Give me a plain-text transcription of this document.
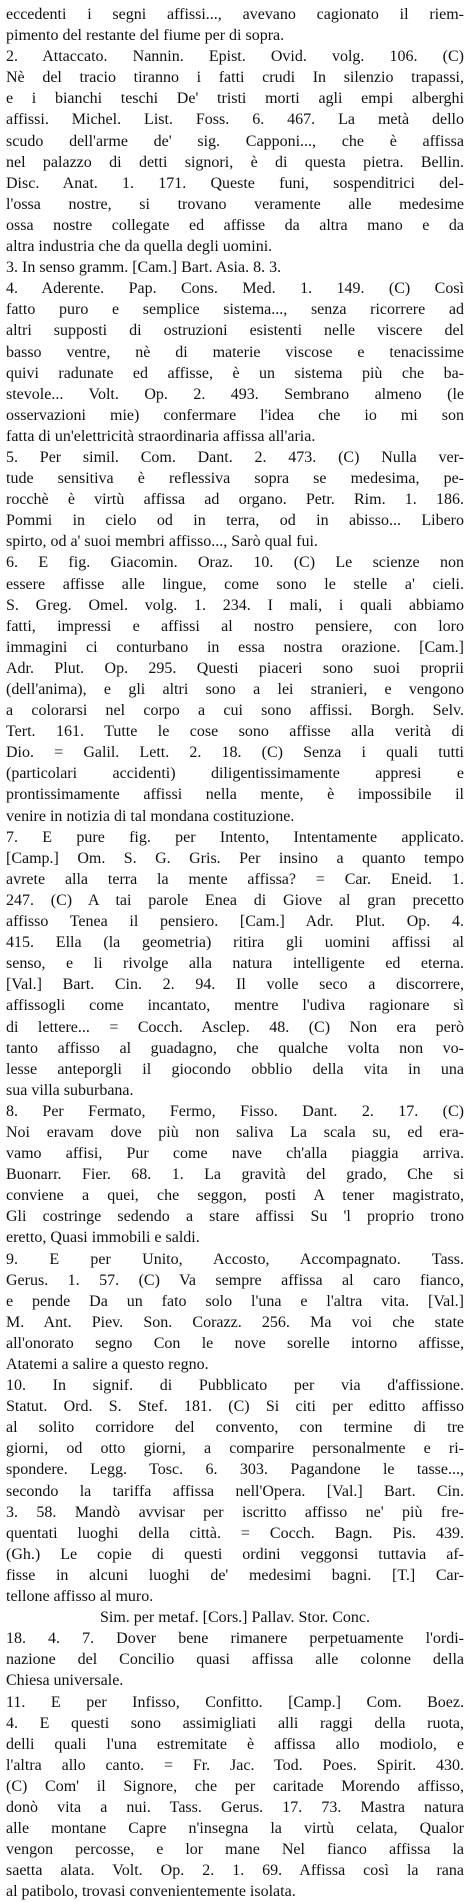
eccedenti i segni affissi..., avevano cagionato il riem-
pimento del restante del fiume per di sopra.
2. Attaccato. Nannin. Epist. Ovid. volg. 106. (C)
Nè del tracio tiranno i fatti crudi In silenzio trapassi,
e i bianchi teschi De' tristi morti agli empi alberghi
affissi. Michel. List. Foss. 6. 467. La metà dello
scudo dell'arme de' sig. Capponi..., che è affissa
nel palazzo di detti signori, è di questa pietra. Bellin.
Disc. Anat. 1. 171. Queste funi, sospenditrici del-
l'ossa nostre, si trovano veramente alle medesime
ossa nostre collegate ed affisse da altra mano e da
altra industria che da quella degli uomini.
3. In senso gramm. [Cam.] Bart. Asia. 8. 3.
4. Aderente. Pap. Cons. Med. 1. 149. (C) Così
fatto puro e semplice sistema..., senza ricorrere ad
altri supposti di ostruzioni esistenti nelle viscere del
basso ventre, nè di materie viscose e tenacissime
quivi radunate ed affisse, è un sistema più che ba-
stevole... Volt. Op. 2. 493. Sembrano almeno (le
osservazioni mie) confermare l'idea che io mi son
fatta di un'elettricità straordinaria affissa all'aria.
5. Per simil. Com. Dant. 2. 473. (C) Nulla ver-
tude sensitiva è reflessiva sopra se medesima, pe-
rocchè è virtù affissa ad organo. Petr. Rim. 1. 186.
Pommi in cielo od in terra, od in abisso... Libero
spirto, od a' suoi membri affisso..., Sarò qual fui.
6. E fig. Giacomin. Oraz. 10. (C) Le scienze non
essere affisse alle lingue, come sono le stelle a' cieli.
S. Greg. Omel. volg. 1. 234. I mali, i quali abbiamo
fatti, impressi e affissi al nostro pensiere, con loro
immagini ci conturbano in essa nostra orazione. [Cam.]
Adr. Plut. Op. 295. Questi piaceri sono suoi proprii
(dell'anima), e gli altri sono a lei stranieri, e vengono
a colorarsi nel corpo a cui sono affissi. Borgh. Selv.
Tert. 161. Tutte le cose sono affisse alla verità di
Dio. = Galil. Lett. 2. 18. (C) Senza i quali tutti
(particolari accidenti) diligentissimamente appresi e
prontissimamente affissi nella mente, è impossibile il
venire in notizia di tal mondana costituzione.
7. E pure fig. per Intento, Intentamente applicato.
[Camp.] Om. S. G. Gris. Per insino a quanto tempo
avrete alla terra la mente affissa? = Car. Eneid. 1.
247. (C) A tai parole Enea di Giove al gran precetto
affisso Tenea il pensiero. [Cam.] Adr. Plut. Op. 4.
415. Ella (la geometria) ritira gli uomini affissi al
senso, e li rivolge alla natura intelligente ed eterna.
[Val.] Bart. Cin. 2. 94. Il volle seco a discorrere,
affissogli come incantato, mentre l'udiva ragionare sì
di lettere... = Cocch. Asclep. 48. (C) Non era però
tanto affisso al guadagno, che qualche volta non vo-
lesse anteporgli il giocondo obblio della vita in una
sua villa suburbana.
8. Per Fermato, Fermo, Fisso. Dant. 2. 17. (C)
Noi eravam dove più non saliva La scala su, ed era-
vamo affisi, Pur come nave ch'alla piaggia arriva.
Buonarr. Fier. 68. 1. La gravità del grado, Che si
conviene a quei, che seggon, posti A tener magistrato,
Gli costringe sedendo a stare affissi Su 'l proprio trono
eretto, Quasi immobili e saldi.
9. E per Unito, Accosto, Accompagnato. Tass.
Gerus. 1. 57. (C) Va sempre affissa al caro fianco,
e pende Da un fato solo l'una e l'altra vita. [Val.]
M. Ant. Piev. Son. Corazz. 256. Ma voi che state
all'onorato segno Con le nove sorelle intorno affisse,
Atatemi a salire a questo regno.
10. In signif. di Pubblicato per via d'affissione.
Statut. Ord. S. Stef. 181. (C) Si citi per editto affisso
al solito corridore del convento, con termine di tre
giorni, od otto giorni, a comparire personalmente e ri-
spondere. Legg. Tosc. 6. 303. Pagandone le tasse...,
secondo la tariffa affissa nell'Opera. [Val.] Bart. Cin.
3. 58. Mandò avvisar per iscritto affisso ne' più fre-
quentati luoghi della città. = Cocch. Bagn. Pis. 439.
(Gh.) Le copie di questi ordini veggonsi tuttavia af-
fisse in alcuni luoghi de' medesimi bagni. [T.] Car-
tellone affisso al muro.
Sim. per metaf. [Cors.] Pallav. Stor. Conc.
18. 4. 7. Dover bene rimanere perpetuamente l'ordi-
nazione del Concilio quasi affissa alle colonne della
Chiesa universale.
11. E per Infisso, Confitto. [Camp.] Com. Boez.
4. E questi sono assimigliati alli raggi della ruota,
delli quali l'una estremitate è affissa allo modiolo, e
l'altra allo canto. = Fr. Jac. Tod. Poes. Spirit. 430.
(C) Com' il Signore, che per caritade Morendo affisso,
donò vita a nui. Tass. Gerus. 17. 73. Mastra natura
alle montane Capre n'insegna la virtù celata, Qualor
vengon percosse, e lor mane Nel fianco affissa la
saetta alata. Volt. Op. 2. 1. 69. Affissa così la rana
al patibolo, trovasi convenientemente isolata.
